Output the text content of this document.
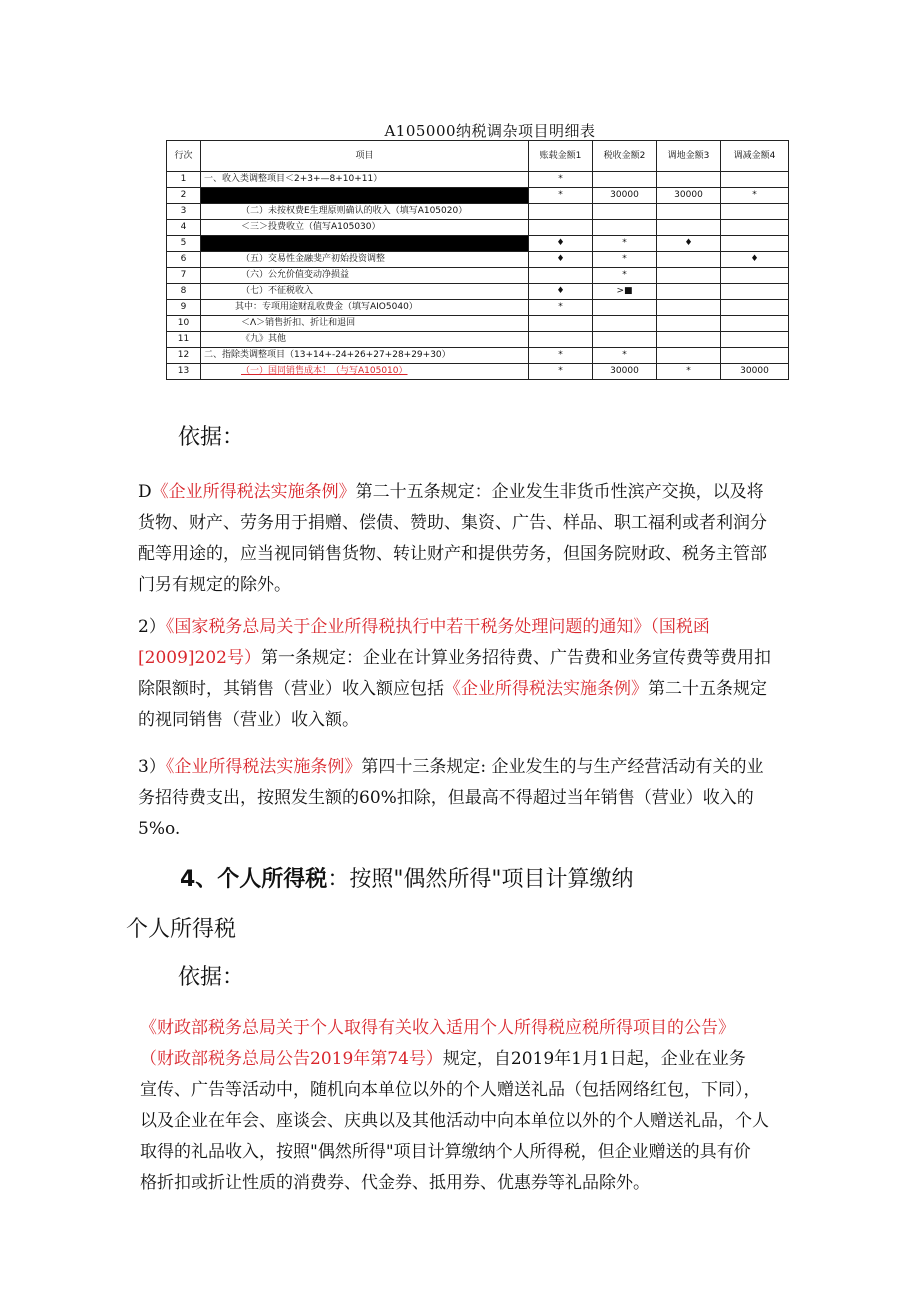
A105000纳税调杂项目明细表
行次	项目	账载金额1	税收金额2	调地金额3	调减金额4
1	一、收入类调整项目＜2+3+—8+10+11）	*			
2		*	30000	30000	*
3	（二）未按权费E生理原则确认的收入（填写A105020）				
4	＜三＞投费收立（值写A105030）				
5		♦	*	♦	
6	（五）交易性金融斐产初始投资调整	♦	*		♦
7	（六）公允价值变动净损益		*		
8	（七）不征税收入	♦	>■		
9	其中：专项用途财乱收费金（填写AIO5040）	*			
10	＜Λ＞销售折扣、折让和退回				
11	《九》其他				
12	二、指除类调整项目（13+14+-24+26+27+28+29+30）	*	*		
13	（一）国同销售成本！（与写A105010）	*	30000	*	30000
依据：
D《企业所得税法实施条例》第二十五条规定：企业发生非货币性滨产交换，以及将
货物、财产、劳务用于捐赠、偿债、赞助、集资、广告、样品、职工福利或者利润分
配等用途的，应当视同销售货物、转让财产和提供劳务，但国务院财政、税务主管部
门另有规定的除外。
2）《国家税务总局关于企业所得税执行中若干税务处理问题的通知》（国税函
[2009]202号）第一条规定：企业在计算业务招待费、广告费和业务宣传费等费用扣
除限额时，其销售（营业）收入额应包括《企业所得税法实施条例》第二十五条规定
的视同销售（营业）收入额。
3）《企业所得税法实施条例》第四十三条规定: 企业发生的与生产经营活动有关的业
务招待费支出，按照发生额的60%扣除，但最高不得超过当年销售（营业）收入的
5%o.
4、个人所得税：按照"偶然所得"项目计算缴纳
个人所得税
依据：
《财政部税务总局关于个人取得有关收入适用个人所得税应税所得项目的公告》
（财政部税务总局公告2019年第74号）规定，自2019年1月1日起，企业在业务
宣传、广告等活动中，随机向本单位以外的个人赠送礼品（包括网络红包，下同），
以及企业在年会、座谈会、庆典以及其他活动中向本单位以外的个人赠送礼品，个人
取得的礼品收入，按照"偶然所得"项目计算缴纳个人所得税，但企业赠送的具有价
格折扣或折让性质的消费券、代金券、抵用券、优惠券等礼品除外。
